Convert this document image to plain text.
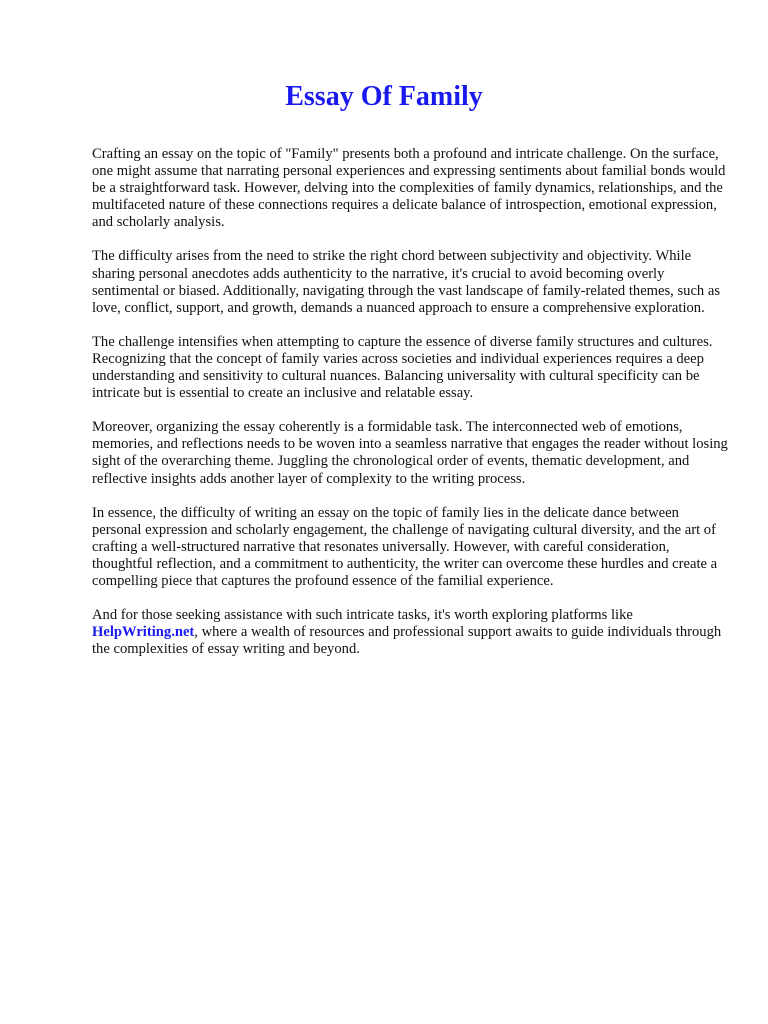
Essay Of Family

Crafting an essay on the topic of "Family" presents both a profound and intricate challenge. On the surface, one might assume that narrating personal experiences and expressing sentiments about familial bonds would be a straightforward task. However, delving into the complexities of family dynamics, relationships, and the multifaceted nature of these connections requires a delicate balance of introspection, emotional expression, and scholarly analysis.

The difficulty arises from the need to strike the right chord between subjectivity and objectivity. While sharing personal anecdotes adds authenticity to the narrative, it's crucial to avoid becoming overly sentimental or biased. Additionally, navigating through the vast landscape of family-related themes, such as love, conflict, support, and growth, demands a nuanced approach to ensure a comprehensive exploration.

The challenge intensifies when attempting to capture the essence of diverse family structures and cultures. Recognizing that the concept of family varies across societies and individual experiences requires a deep understanding and sensitivity to cultural nuances. Balancing universality with cultural specificity can be intricate but is essential to create an inclusive and relatable essay.

Moreover, organizing the essay coherently is a formidable task. The interconnected web of emotions, memories, and reflections needs to be woven into a seamless narrative that engages the reader without losing sight of the overarching theme. Juggling the chronological order of events, thematic development, and reflective insights adds another layer of complexity to the writing process.

In essence, the difficulty of writing an essay on the topic of family lies in the delicate dance between personal expression and scholarly engagement, the challenge of navigating cultural diversity, and the art of crafting a well-structured narrative that resonates universally. However, with careful consideration, thoughtful reflection, and a commitment to authenticity, the writer can overcome these hurdles and create a compelling piece that captures the profound essence of the familial experience.

And for those seeking assistance with such intricate tasks, it's worth exploring platforms like HelpWriting.net, where a wealth of resources and professional support awaits to guide individuals through the complexities of essay writing and beyond.
